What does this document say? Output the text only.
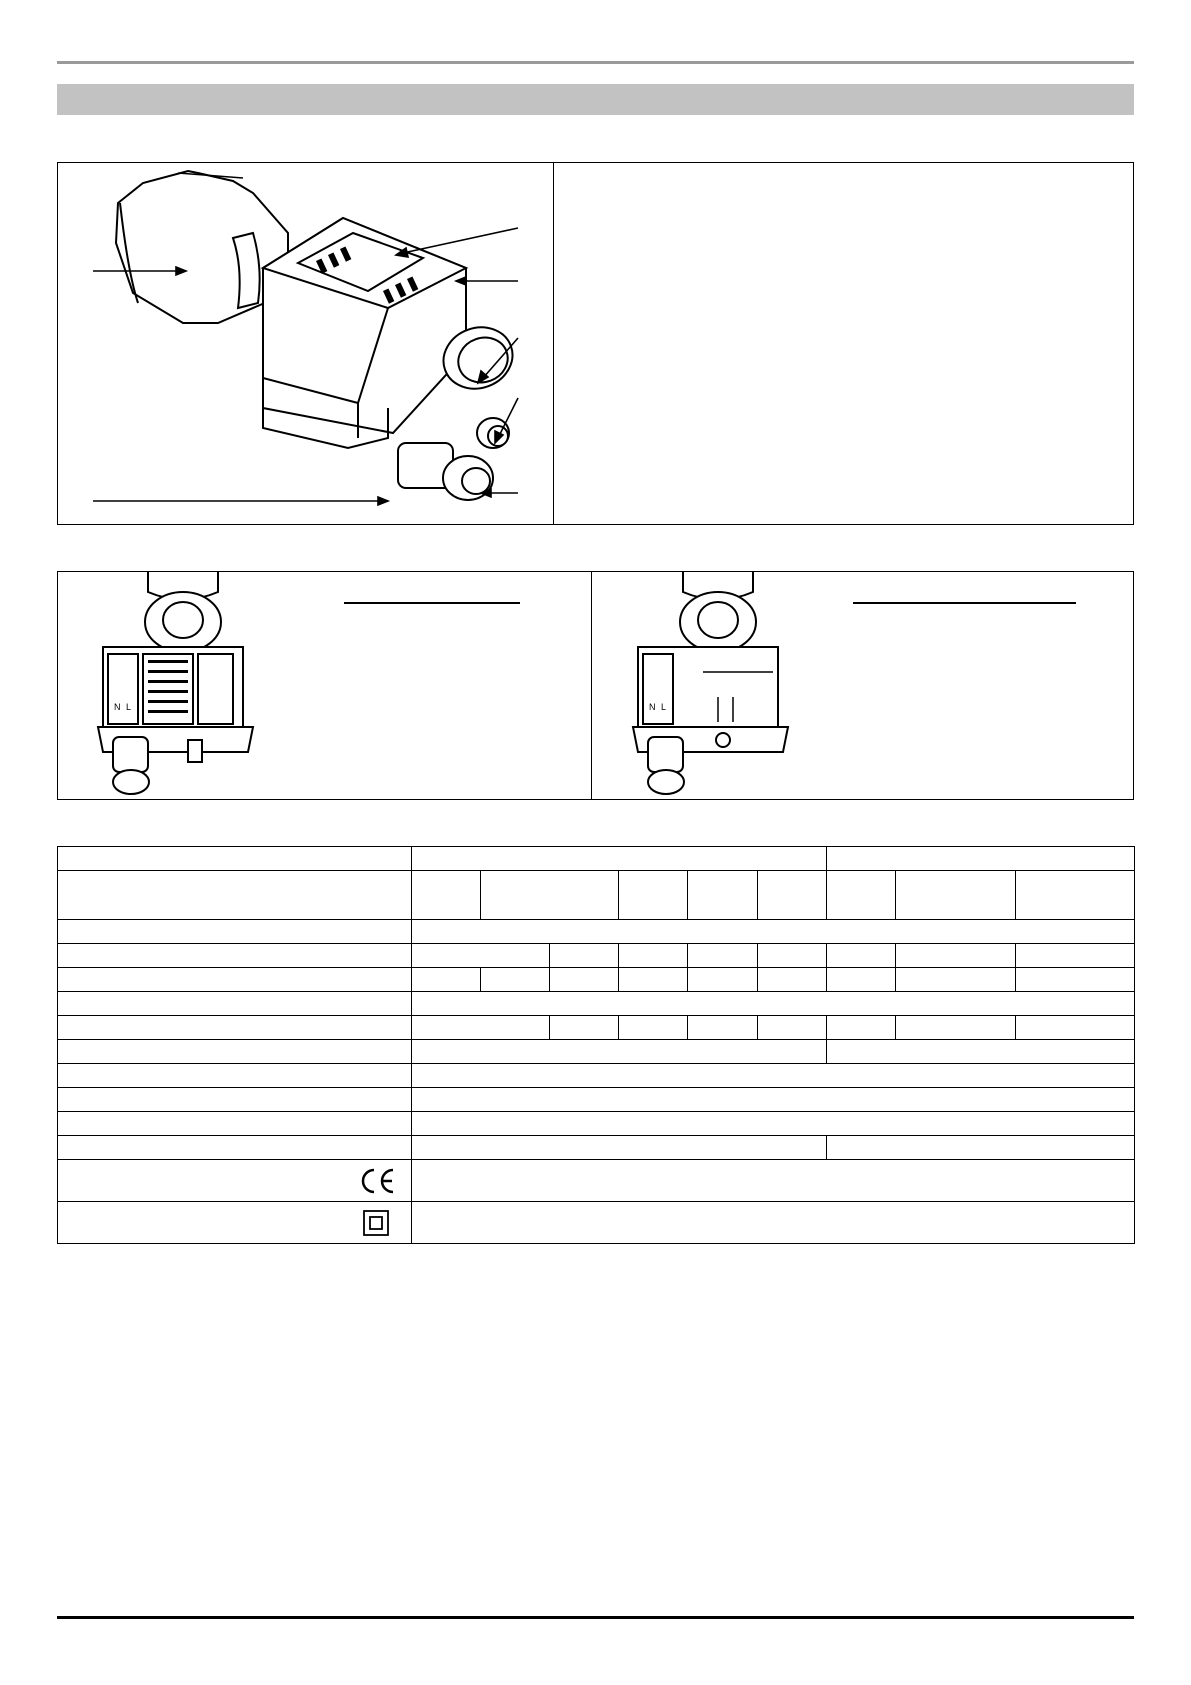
N L	N L
